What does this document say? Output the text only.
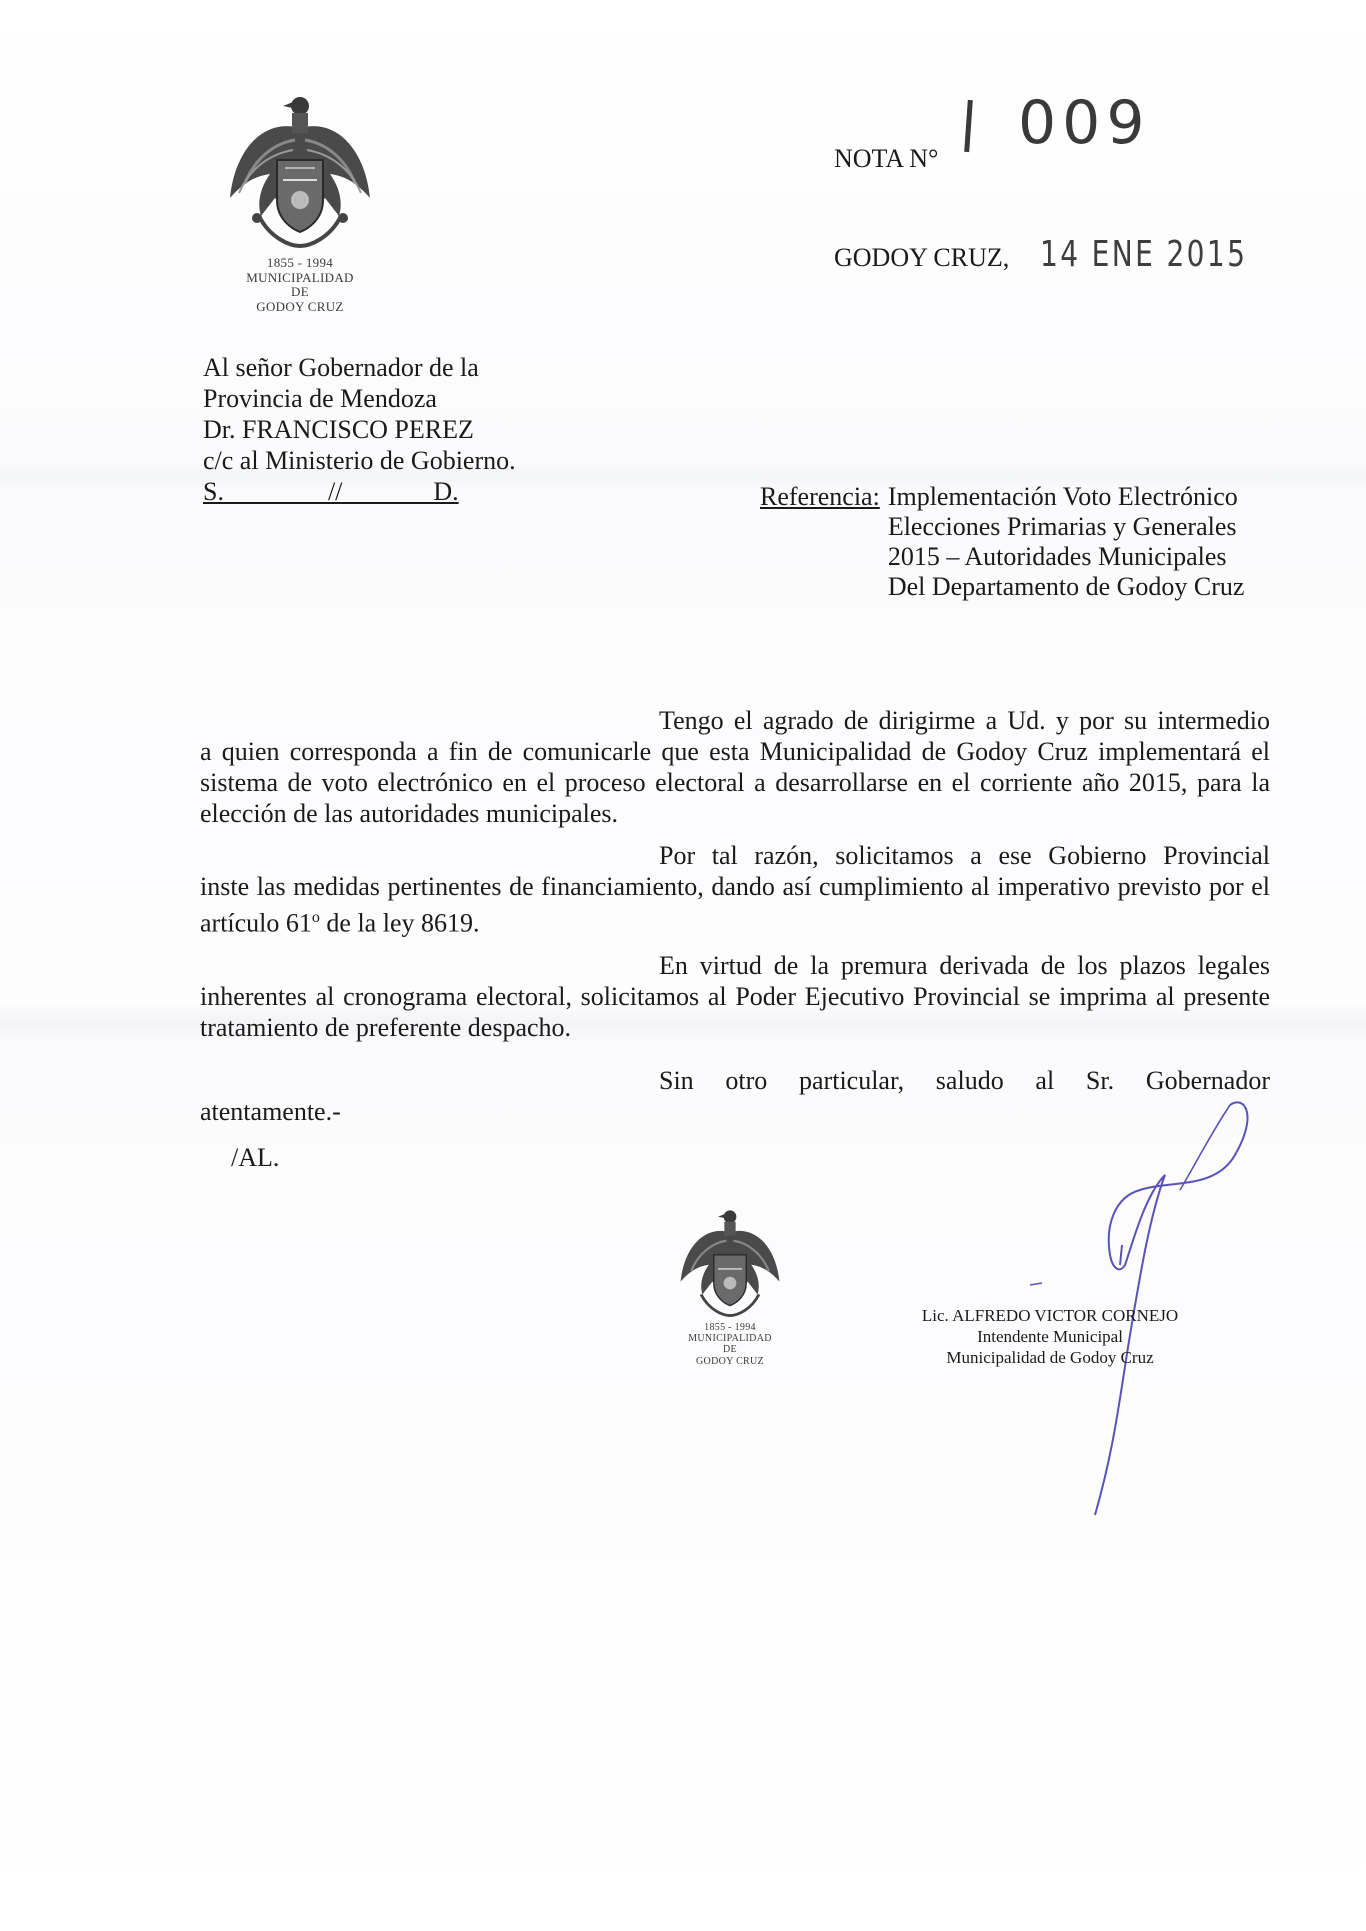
1855 - 1994
MUNICIPALIDAD
DE
GODOY CRUZ
NOTA N°
009
GODOY CRUZ, 14 ENE 2015
Al señor Gobernador de la
Provincia de Mendoza
Dr. FRANCISCO PEREZ
c/c al Ministerio de Gobierno.
S.                //              D.	Referencia:	Implementación Voto Electrónico
Elecciones Primarias y Generales
2015 – Autoridades Municipales
Del Departamento de Godoy Cruz
Tengo el agrado de dirigirme a Ud. y por su intermedio
a quien corresponda a fin de comunicarle que esta Municipalidad de Godoy Cruz implementará el sistema de voto electrónico en el proceso electoral a desarrollarse en el corriente año 2015, para la elección de las autoridades municipales.
Por tal razón, solicitamos a ese Gobierno Provincial
inste las medidas pertinentes de financiamiento, dando así cumplimiento al imperativo previsto por el artículo 61$^o$ de la ley 8619.
En virtud de la premura derivada de los plazos legales
inherentes al cronograma electoral, solicitamos al Poder Ejecutivo Provincial se imprima al presente tratamiento de preferente despacho.
Sin otro particular, saludo al Sr. Gobernador
atentamente.-
/AL.
1855 - 1994
MUNICIPALIDAD
DE
GODOY CRUZ
Lic. ALFREDO VICTOR CORNEJO
Intendente Municipal
Municipalidad de Godoy Cruz
